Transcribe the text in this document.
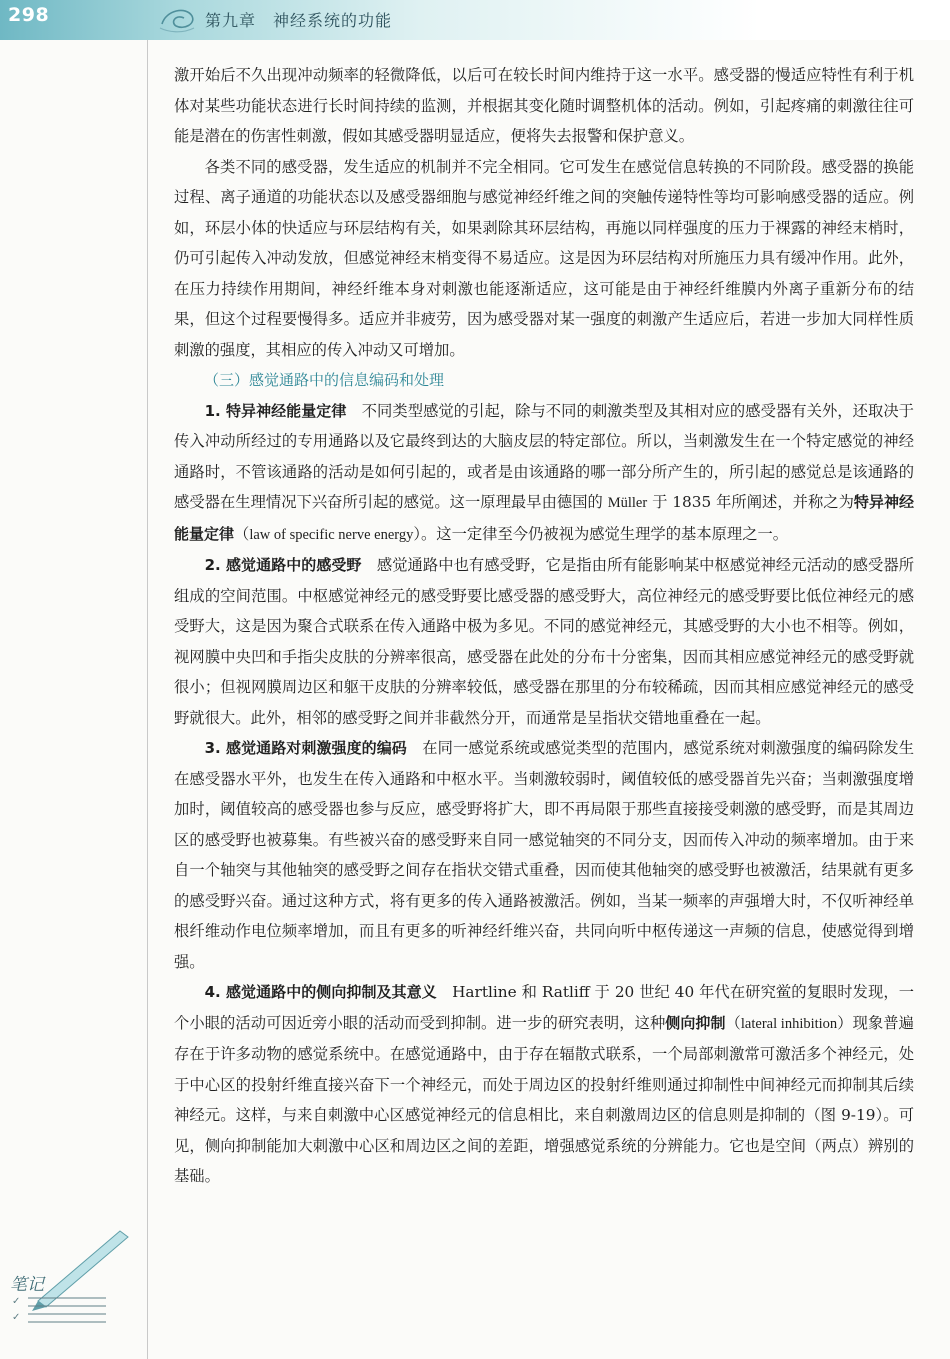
298	第九章　神经系统的功能

激开始后不久出现冲动频率的轻微降低，以后可在较长时间内维持于这一水平。感受器的慢适应特性有利于机体对某些功能状态进行长时间持续的监测，并根据其变化随时调整机体的活动。例如，引起疼痛的刺激往往可能是潜在的伤害性刺激，假如其感受器明显适应，便将失去报警和保护意义。

各类不同的感受器，发生适应的机制并不完全相同。它可发生在感觉信息转换的不同阶段。感受器的换能过程、离子通道的功能状态以及感受器细胞与感觉神经纤维之间的突触传递特性等均可影响感受器的适应。例如，环层小体的快适应与环层结构有关，如果剥除其环层结构，再施以同样强度的压力于裸露的神经末梢时，仍可引起传入冲动发放，但感觉神经末梢变得不易适应。这是因为环层结构对所施压力具有缓冲作用。此外，在压力持续作用期间，神经纤维本身对刺激也能逐渐适应，这可能是由于神经纤维膜内外离子重新分布的结果，但这个过程要慢得多。适应并非疲劳，因为感受器对某一强度的刺激产生适应后，若进一步加大同样性质刺激的强度，其相应的传入冲动又可增加。

（三）感觉通路中的信息编码和处理

1. 特异神经能量定律　 不同类型感觉的引起，除与不同的刺激类型及其相对应的感受器有关外，还取决于传入冲动所经过的专用通路以及它最终到达的大脑皮层的特定部位。所以，当刺激发生在一个特定感觉的神经通路时，不管该通路的活动是如何引起的，或者是由该通路的哪一部分所产生的，所引起的感觉总是该通路的感受器在生理情况下兴奋所引起的感觉。这一原理最早由德国的 Müller 于 1835 年所阐述，并称之为特异神经能量定律（law of specific nerve energy）。这一定律至今仍被视为感觉生理学的基本原理之一。

2. 感觉通路中的感受野　 感觉通路中也有感受野，它是指由所有能影响某中枢感觉神经元活动的感受器所组成的空间范围。中枢感觉神经元的感受野要比感受器的感受野大，高位神经元的感受野要比低位神经元的感受野大，这是因为聚合式联系在传入通路中极为多见。不同的感觉神经元，其感受野的大小也不相等。例如，视网膜中央凹和手指尖皮肤的分辨率很高，感受器在此处的分布十分密集，因而其相应感觉神经元的感受野就很小；但视网膜周边区和躯干皮肤的分辨率较低，感受器在那里的分布较稀疏，因而其相应感觉神经元的感受野就很大。此外，相邻的感受野之间并非截然分开，而通常是呈指状交错地重叠在一起。

3. 感觉通路对刺激强度的编码　 在同一感觉系统或感觉类型的范围内，感觉系统对刺激强度的编码除发生在感受器水平外，也发生在传入通路和中枢水平。当刺激较弱时，阈值较低的感受器首先兴奋；当刺激强度增加时，阈值较高的感受器也参与反应，感受野将扩大，即不再局限于那些直接接受刺激的感受野，而是其周边区的感受野也被募集。有些被兴奋的感受野来自同一感觉轴突的不同分支，因而传入冲动的频率增加。由于来自一个轴突与其他轴突的感受野之间存在指状交错式重叠，因而使其他轴突的感受野也被激活，结果就有更多的感受野兴奋。通过这种方式，将有更多的传入通路被激活。例如，当某一频率的声强增大时，不仅听神经单根纤维动作电位频率增加，而且有更多的听神经纤维兴奋，共同向听中枢传递这一声频的信息，使感觉得到增强。

4. 感觉通路中的侧向抑制及其意义　 Hartline 和 Ratliff 于 20 世纪 40 年代在研究鲎的复眼时发现，一个小眼的活动可因近旁小眼的活动而受到抑制。进一步的研究表明，这种侧向抑制（lateral inhibition）现象普遍存在于许多动物的感觉系统中。在感觉通路中，由于存在辐散式联系，一个局部刺激常可激活多个神经元，处于中心区的投射纤维直接兴奋下一个神经元，而处于周边区的投射纤维则通过抑制性中间神经元而抑制其后续神经元。这样，与来自刺激中心区感觉神经元的信息相比，来自刺激周边区的信息则是抑制的（图 9-19）。可见，侧向抑制能加大刺激中心区和周边区之间的差距，增强感觉系统的分辨能力。它也是空间（两点）辨别的基础。

笔记
✓
✓
